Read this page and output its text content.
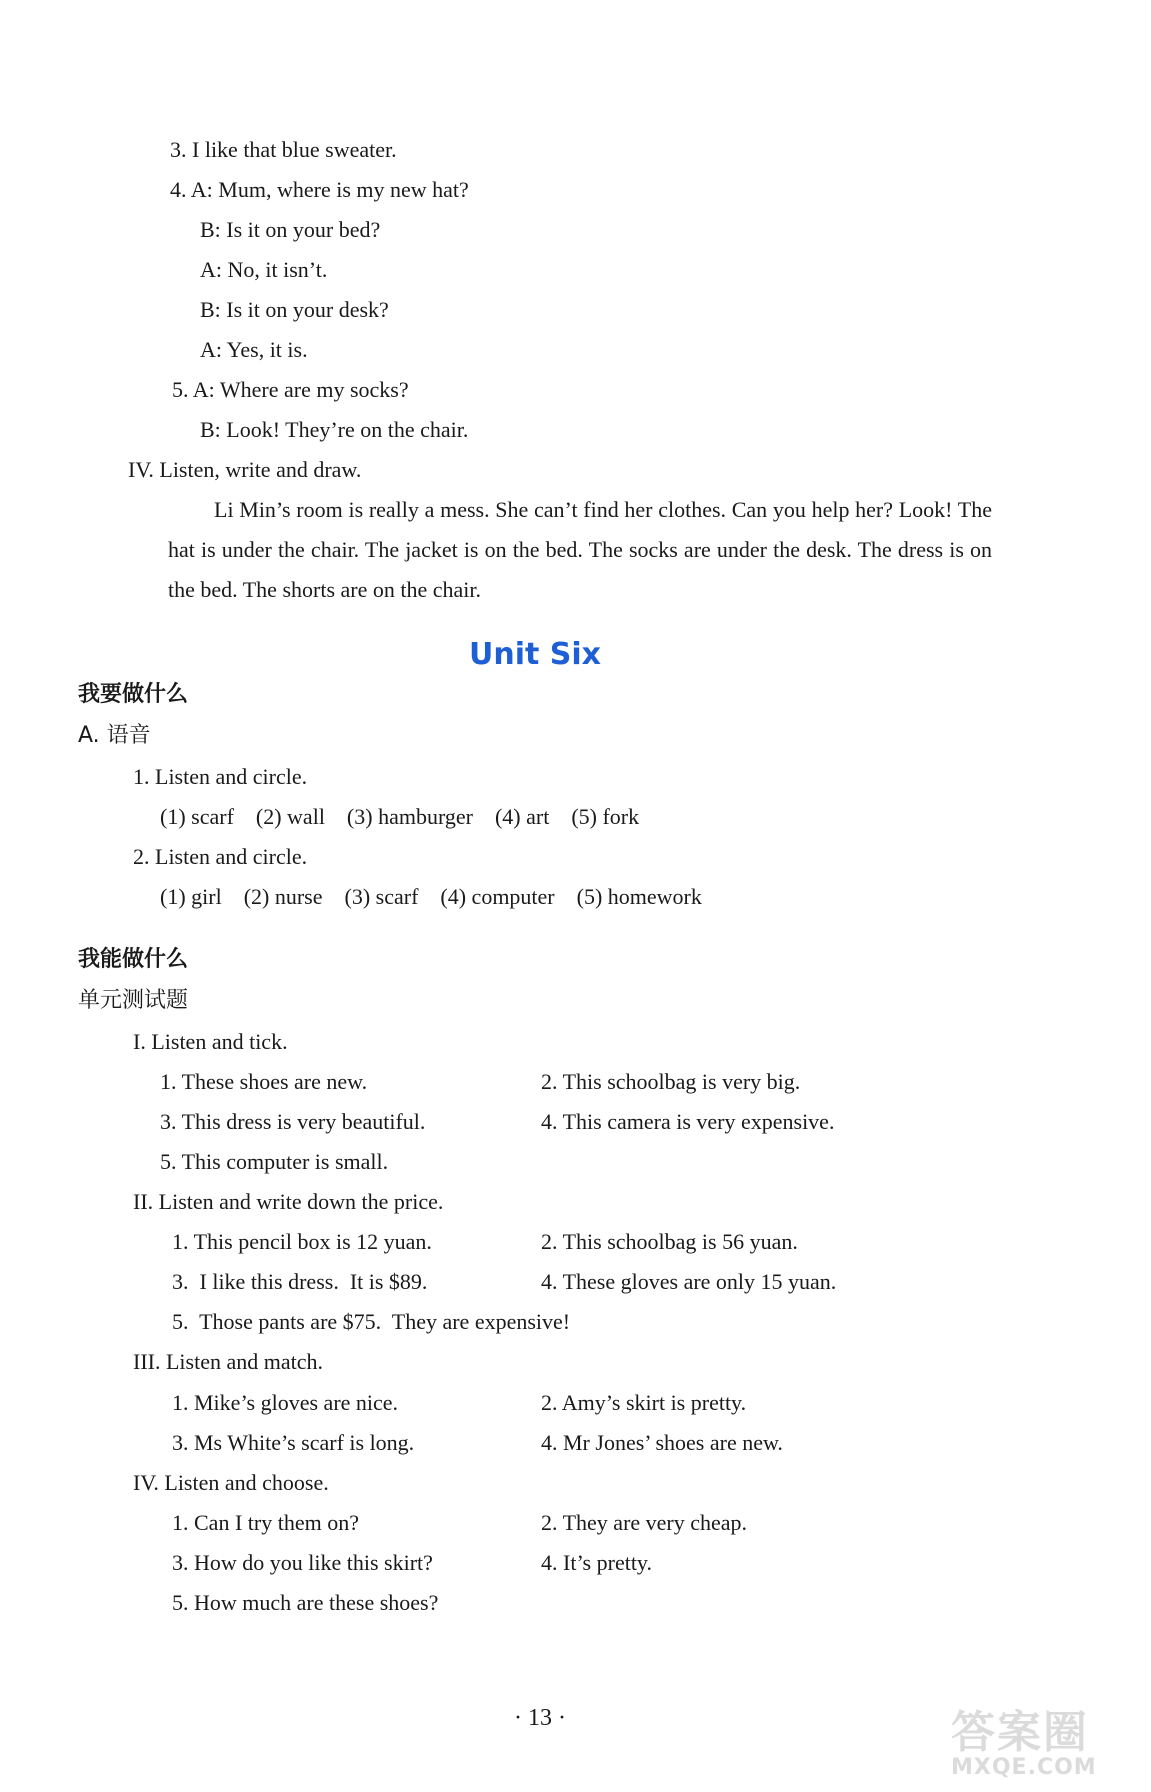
3. I like that blue sweater.
4. A: Mum, where is my new hat?
B: Is it on your bed?
A: No, it isn’t.
B: Is it on your desk?
A: Yes, it is.
5. A: Where are my socks?
B: Look! They’re on the chair.
IV. Listen, write and draw.
Li Min’s room is really a mess. She can’t find her clothes. Can you help her? Look! The hat is under the chair. The jacket is on the bed. The socks are under the desk. The dress is on the bed. The shorts are on the chair.
Unit Six
我要做什么
A. 语音
1. Listen and circle.
(1) scarf    (2) wall    (3) hamburger    (4) art    (5) fork
2. Listen and circle.
(1) girl    (2) nurse    (3) scarf    (4) computer    (5) homework
我能做什么
单元测试题
I. Listen and tick.
1. These shoes are new.	2. This schoolbag is very big.
3. This dress is very beautiful.	4. This camera is very expensive.
5. This computer is small.
II. Listen and write down the price.
1. This pencil box is 12 yuan.	2. This schoolbag is 56 yuan.
3.  I like this dress.  It is $89.	4. These gloves are only 15 yuan.
5.  Those pants are $75.  They are expensive!
III. Listen and match.
1. Mike’s gloves are nice.	2. Amy’s skirt is pretty.
3. Ms White’s scarf is long.	4. Mr Jones’ shoes are new.
IV. Listen and choose.
1. Can I try them on?	2. They are very cheap.
3. How do you like this skirt?	4. It’s pretty.
5. How much are these shoes?
· 13 ·	答案圈
MXQE.COM
